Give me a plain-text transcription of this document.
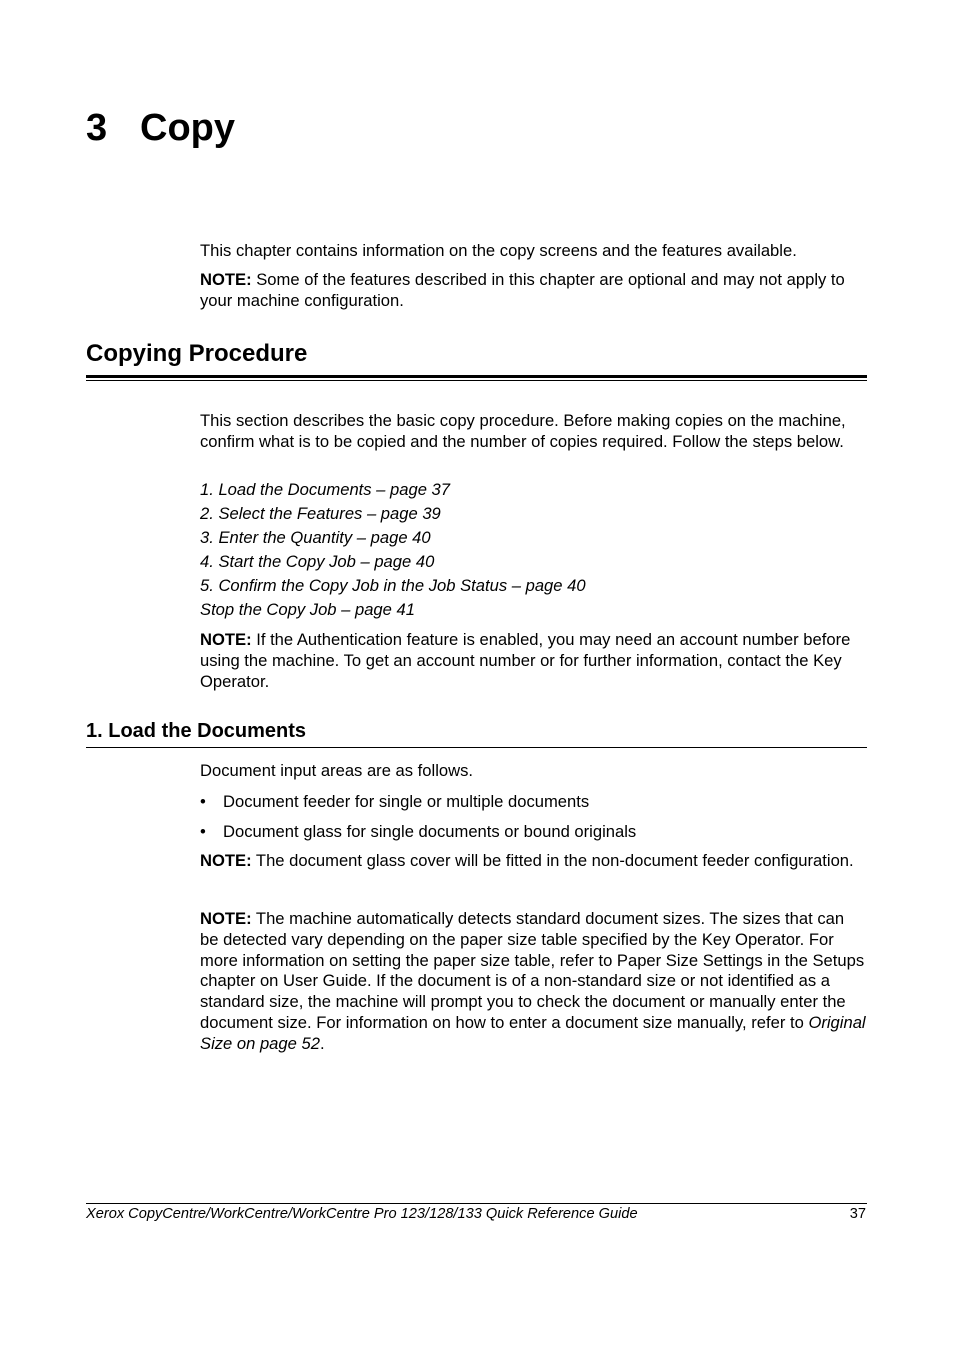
3 Copy

This chapter contains information on the copy screens and the features available.

NOTE: Some of the features described in this chapter are optional and may not apply to your machine configuration.

Copying Procedure

This section describes the basic copy procedure. Before making copies on the machine, confirm what is to be copied and the number of copies required. Follow the steps below.

1. Load the Documents – page 37
2. Select the Features – page 39
3. Enter the Quantity – page 40
4. Start the Copy Job – page 40
5. Confirm the Copy Job in the Job Status – page 40
Stop the Copy Job – page 41

NOTE: If the Authentication feature is enabled, you may need an account number before using the machine. To get an account number or for further information, contact the Key Operator.

1. Load the Documents

Document input areas are as follows.

• Document feeder for single or multiple documents
• Document glass for single documents or bound originals

NOTE: The document glass cover will be fitted in the non-document feeder configuration.

NOTE: The machine automatically detects standard document sizes. The sizes that can be detected vary depending on the paper size table specified by the Key Operator. For more information on setting the paper size table, refer to Paper Size Settings in the Setups chapter on User Guide. If the document is of a non-standard size or not identified as a standard size, the machine will prompt you to check the document or manually enter the document size. For information on how to enter a document size manually, refer to Original Size on page 52.

Xerox CopyCentre/WorkCentre/WorkCentre Pro 123/128/133 Quick Reference Guide	37
